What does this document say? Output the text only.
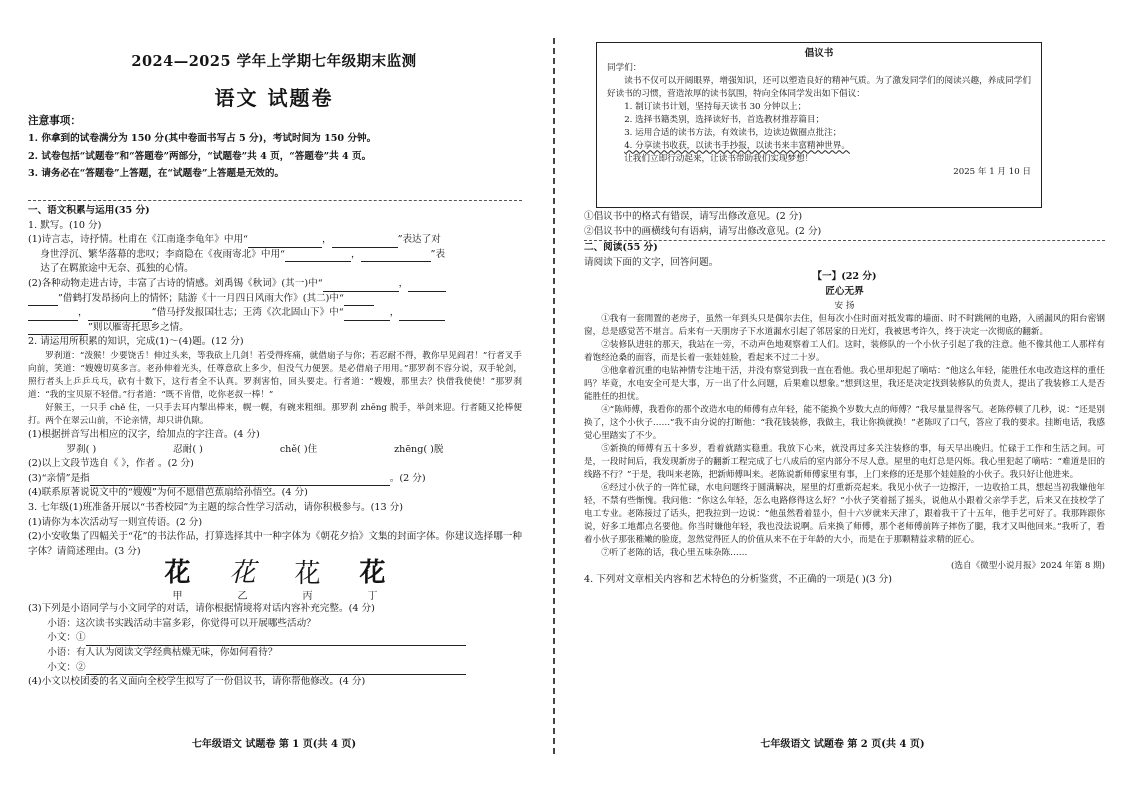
2024—2025 学年上学期七年级期末监测
语文 试题卷

注意事项：

1. 你拿到的试卷满分为 150 分(其中卷面书写占 5 分)，考试时间为 150 分钟。

2. 试卷包括“试题卷”和“答题卷”两部分，“试题卷”共 4 页，“答题卷”共 4 页。

3. 请务必在“答题卷”上答题，在“试题卷”上答题是无效的。

一、语文积累与运用(35 分)

1. 默写。(10 分)

(1)诗言志，诗抒情。杜甫在《江南逢李龟年》中用“	，	”表达了对
身世浮沉、繁华落幕的悲叹；李商隐在《夜雨寄北》中用“	，	”表
达了在羁旅途中无奈、孤独的心情。

(2)各种动物走进古诗，丰富了古诗的情感。刘禹锡《秋词》(其一)中“	，
”借鹤打发昂扬向上的情怀；陆游《十一月四日风雨大作》(其二)中“
，	”借马抒发报国壮志；王湾《次北固山下》中“	，
”则以雁寄托思乡之情。

2. 请运用所积累的知识，完成(1)～(4)题。(12 分)

罗刹道：“泼猴！少要饶舌！伸过头来，等我砍上几剑！若受得疼痛，就借扇子与你；若忍耐不得，教你早见阎君！”行者叉手向前，笑道：“嫂嫂切莫多言。老孙伸着光头，任尊意砍上多少，但没气力便罢。是必借扇子用用。”那罗刹不容分说，双手轮剑，照行者头上乒乒乓乓，砍有十数下，这行者全不认真。罗刹害怕，回头要走。行者道：“嫂嫂，那里去？快借我使使！”那罗刹道：“我的宝贝原不轻借。”行者道：“既不肯借，吃你老叔一棒！”

好猴王，一只手 chě 住，一只手去耳内掣出棒来，幌一幌，有碗来粗细。那罗刹 zhēng 脱手，举剑来迎。行者随又抡棒便打。两个在翠云山前，不论亲情，却只讲仇隙。

(1)根据拼音写出相应的汉字，给加点的字注音。(4 分)

罗刹( )	忍耐( )	chě( )住	zhēng( )脱

(2)以上文段节选自《 》，作者 。(2 分)

(3)“亲情”是指	。(2 分)

(4)联系原著说说文中的“嫂嫂”为何不愿借芭蕉扇给孙悟空。(4 分)

3. 七年级(1)班准备开展以“书香校园”为主题的综合性学习活动，请你积极参与。(13 分)

(1)请你为本次活动写一则宣传语。(2 分)

(2)小安收集了四幅关于“花”的书法作品，打算选择其中一种字体为《朝花夕拾》文集的封面字体。你建议选择哪一种字体？请简述理由。(3 分)

花 花 花 花
甲	乙	丙	丁

(3)下列是小语同学与小文同学的对话，请你根据情境将对话内容补充完整。(4 分)

小语：这次读书实践活动丰富多彩，你觉得可以开展哪些活动？

小文：①

小语：有人认为阅读文学经典枯燥无味，你如何看待？

小文：②

(4)小文以校团委的名义面向全校学生拟写了一份倡议书，请你帮他修改。(4 分)

七年级语文 试题卷 第 1 页(共 4 页)

倡议书

同学们：

读书不仅可以开阔眼界，增强知识，还可以塑造良好的精神气质。为了激发同学们的阅读兴趣，养成同学们好读书的习惯，营造浓厚的读书氛围，特向全体同学发出如下倡议：

1. 制订读书计划，坚持每天读书 30 分钟以上；

2. 选择书籍类别，选择读好书，首选教材推荐篇目；

3. 运用合适的读书方法，有效读书，边读边做圈点批注；

4. 分享读书收获，以读书手抄报，以读书来丰富精神世界。

让我们立即行动起来，让读书带助我们实现梦想！

2025 年 1 月 10 日

①倡议书中的格式有错误，请写出修改意见。(2 分)

②倡议书中的画横线句有语病，请写出修改意见。(2 分)

二、阅读(55 分)

请阅读下面的文字，回答问题。

【一】(22 分)

匠心无界

安 扬

①我有一套閒置的老房子，虽然一年到头只是偶尔去住，但每次小住时面对抵发霉的墙面、时不时跳闸的电路，入函漏风的阳台密钢窗，总是感觉苦不堪言。后来有一天朋房子下水道漏水引起了邻居家的日光灯，我被思考许久，终于决定一次彻底的翻新。

②装修队进驻的那天，我站在一旁，不动声色地观察着工人们。这时，装修队的一个小伙子引起了我的注意。他不像其他工人那样有着饱经沧桑的面容，而是长着一张娃娃脸，看起来不过二十岁。

③他拿着沉重的电钻神情专注地干活，并没有察觉到我一直在看他。我心里却犯起了嘀咕：“他这么年轻，能胜任水电改造这样的重任吗？毕竟，水电安全可是大事，万一出了什么问题，后果难以想象。”想到这里，我还是决定找到装修队的负责人，提出了我装修工人是否能胜任的担忧。

④“陈师傅，我看你的那个改造水电的师傅有点年轻，能不能换个岁数大点的师傅？”我尽量显得客气。老陈停顿了几秒，说：“还是别换了，这个小伙子……”我不由分说的打断他：“我花钱装修，我做主，我让你换就换！”老陈叹了口气，答应了我的要求。挂断电话，我感觉心里踏实了不少。

⑤新换的师傅有五十多岁，看着就踏实稳重。我放下心来，就没再过多关注装修的事，每天早出晚归。忙碌于工作和生活之间。可是，一段时间后，我发现新房子的翻新工程完成了七八成后的室内部分不尽人意。屋里的电灯总是闪烁。我心里犯起了嘀咕：“难道是旧的线路不行？”于是，我叫来老陈，把新师傅叫来。老陈说新师傅家里有事，上门来修的还是那个娃娃脸的小伙子。我只好让他进来。

⑥经过小伙子的一阵忙碌，水电问题终于圆满解决，屋里的灯重新亮起来。我见小伙子一边擦汗，一边收拾工具，想起当初我嫌他年轻，不禁有些惭愧。我问他：“你这么年轻，怎么电路修得这么好？”小伙子笑着摇了摇头，说他从小跟着父亲学手艺，后来又在技校学了电工专业。老陈接过了话头，把我拉到一边说：“他虽然看着显小，但十六岁就来天津了，跟着我干了十五年，他手艺可好了。我那阵跟你说，好多工地都点名要他。你当时嫌他年轻，我也没法说啊。后来换了师傅，那个老师傅前阵子摔伤了腿，我才又叫他回来。”我听了，看着小伙子那张稚嫩的脸庞，忽然觉得匠人的价值从来不在于年龄的大小，而是在于那颗精益求精的匠心。

⑦听了老陈的话，我心里五味杂陈……

(选自《微型小说月报》2024 年第 8 期)

4. 下列对文章相关内容和艺术特色的分析鉴赏，不正确的一项是( )(3 分)

七年级语文 试题卷 第 2 页(共 4 页)
